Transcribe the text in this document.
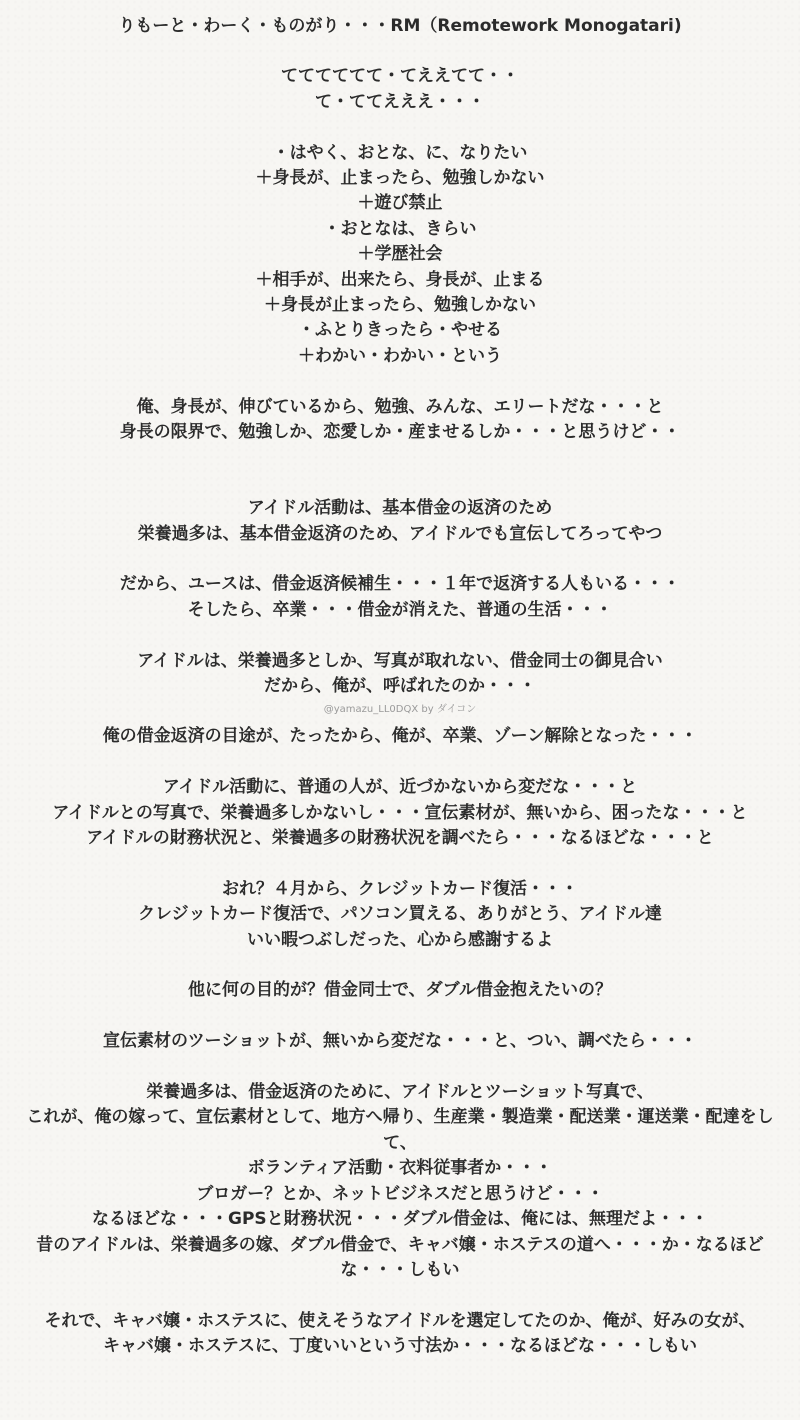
りもーと・わーく・ものがり・・・RM（Remotework Monogatari)

てててててて・てええてて・・

て・ててえええ・・・

・はやく、おとな、に、なりたい

＋身長が、止まったら、勉強しかない

＋遊び禁止

・おとなは、きらい

＋学歴社会

＋相手が、出来たら、身長が、止まる

＋身長が止まったら、勉強しかない

・ふとりきったら・やせる

＋わかい・わかい・という

俺、身長が、伸びているから、勉強、みんな、エリートだな・・・と

身長の限界で、勉強しか、恋愛しか・産ませるしか・・・と思うけど・・

アイドル活動は、基本借金の返済のため

栄養過多は、基本借金返済のため、アイドルでも宣伝してろってやつ

だから、ユースは、借金返済候補生・・・１年で返済する人もいる・・・

そしたら、卒業・・・借金が消えた、普通の生活・・・

アイドルは、栄養過多としか、写真が取れない、借金同士の御見合い

だから、俺が、呼ばれたのか・・・

@yamazu_LL0DQX by ダイコン

俺の借金返済の目途が、たったから、俺が、卒業、ゾーン解除となった・・・

アイドル活動に、普通の人が、近づかないから変だな・・・と

アイドルとの写真で、栄養過多しかないし・・・宣伝素材が、無いから、困ったな・・・と

アイドルの財務状況と、栄養過多の財務状況を調べたら・・・なるほどな・・・と

おれ？４月から、クレジットカード復活・・・

クレジットカード復活で、パソコン買える、ありがとう、アイドル達

いい暇つぶしだった、心から感謝するよ

他に何の目的が？借金同士で、ダブル借金抱えたいの？

宣伝素材のツーショットが、無いから変だな・・・と、つい、調べたら・・・

栄養過多は、借金返済のために、アイドルとツーショット写真で、

これが、俺の嫁って、宣伝素材として、地方へ帰り、生産業・製造業・配送業・運送業・配達をして、

ボランティア活動・衣料従事者か・・・

ブロガー？とか、ネットビジネスだと思うけど・・・

なるほどな・・・GPSと財務状況・・・ダブル借金は、俺には、無理だよ・・・

昔のアイドルは、栄養過多の嫁、ダブル借金で、キャバ嬢・ホステスの道へ・・・か・なるほどな・・・しもい

それで、キャバ嬢・ホステスに、使えそうなアイドルを選定してたのか、俺が、好みの女が、

キャバ嬢・ホステスに、丁度いいという寸法か・・・なるほどな・・・しもい
